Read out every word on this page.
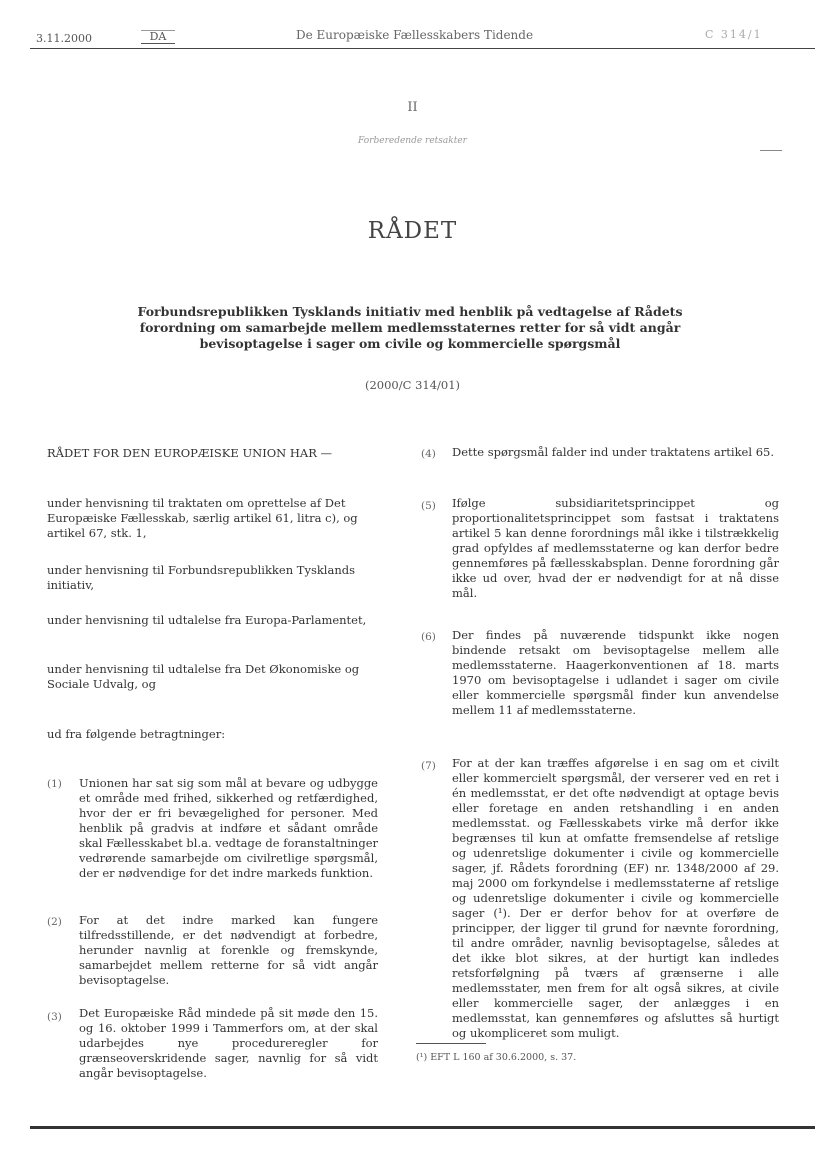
3.11.2000	DA	De Europæiske Fællesskabers Tidende	C 314/1
II
Forberedende retsakter
RÅDET
Forbundsrepublikken Tysklands initiativ med henblik på vedtagelse af Rådets forordning om samarbejde mellem medlemsstaternes retter for så vidt angår bevisoptagelse i sager om civile og kommercielle spørgsmål
(2000/C 314/01)
RÅDET FOR DEN EUROPÆISKE UNION HAR —
under henvisning til traktaten om oprettelse af Det Europæiske Fællesskab, særlig artikel 61, litra c), og artikel 67, stk. 1,
under henvisning til Forbundsrepublikken Tysklands initiativ,
under henvisning til udtalelse fra Europa-Parlamentet,
under henvisning til udtalelse fra Det Økonomiske og Sociale Udvalg, og
ud fra følgende betragtninger:
(1) Unionen har sat sig som mål at bevare og udbygge et område med frihed, sikkerhed og retfærdighed, hvor der er fri bevægelighed for personer. Med henblik på gradvis at indføre et sådant område skal Fællesskabet bl.a. vedtage de foranstaltninger vedrørende samarbejde om civilretlige spørgsmål, der er nødvendige for det indre markeds funktion.
(2) For at det indre marked kan fungere tilfredsstillende, er det nødvendigt at forbedre, herunder navnlig at forenkle og fremskynde, samarbejdet mellem retterne for så vidt angår bevisoptagelse.
(3) Det Europæiske Råd mindede på sit møde den 15. og 16. oktober 1999 i Tammerfors om, at der skal udarbejdes nye procedureregler for grænseoverskridende sager, navnlig for så vidt angår bevisoptagelse.
(4) Dette spørgsmål falder ind under traktatens artikel 65.
(5) Ifølge subsidiaritetsprincippet og proportionalitetsprincippet som fastsat i traktatens artikel 5 kan denne forordnings mål ikke i tilstrækkelig grad opfyldes af medlemsstaterne og kan derfor bedre gennemføres på fællesskabsplan. Denne forordning går ikke ud over, hvad der er nødvendigt for at nå disse mål.
(6) Der findes på nuværende tidspunkt ikke nogen bindende retsakt om bevisoptagelse mellem alle medlemsstaterne. Haagerkonventionen af 18. marts 1970 om bevisoptagelse i udlandet i sager om civile eller kommercielle spørgsmål finder kun anvendelse mellem 11 af medlemsstaterne.
(7) For at der kan træffes afgørelse i en sag om et civilt eller kommercielt spørgsmål, der verserer ved en ret i én medlemsstat, er det ofte nødvendigt at optage bevis eller foretage en anden retshandling i en anden medlemsstat. og Fællesskabets virke må derfor ikke begrænses til kun at omfatte fremsendelse af retslige og udenretslige dokumenter i civile og kommercielle sager, jf. Rådets forordning (EF) nr. 1348/2000 af 29. maj 2000 om forkyndelse i medlemsstaterne af retslige og udenretslige dokumenter i civile og kommercielle sager (¹). Der er derfor behov for at overføre de principper, der ligger til grund for nævnte forordning, til andre områder, navnlig bevisoptagelse, således at det ikke blot sikres, at der hurtigt kan indledes retsforfølgning på tværs af grænserne i alle medlemsstater, men frem for alt også sikres, at civile eller kommercielle sager, der anlægges i en medlemsstat, kan gennemføres og afsluttes så hurtigt og ukompliceret som muligt.
(¹) EFT L 160 af 30.6.2000, s. 37.
